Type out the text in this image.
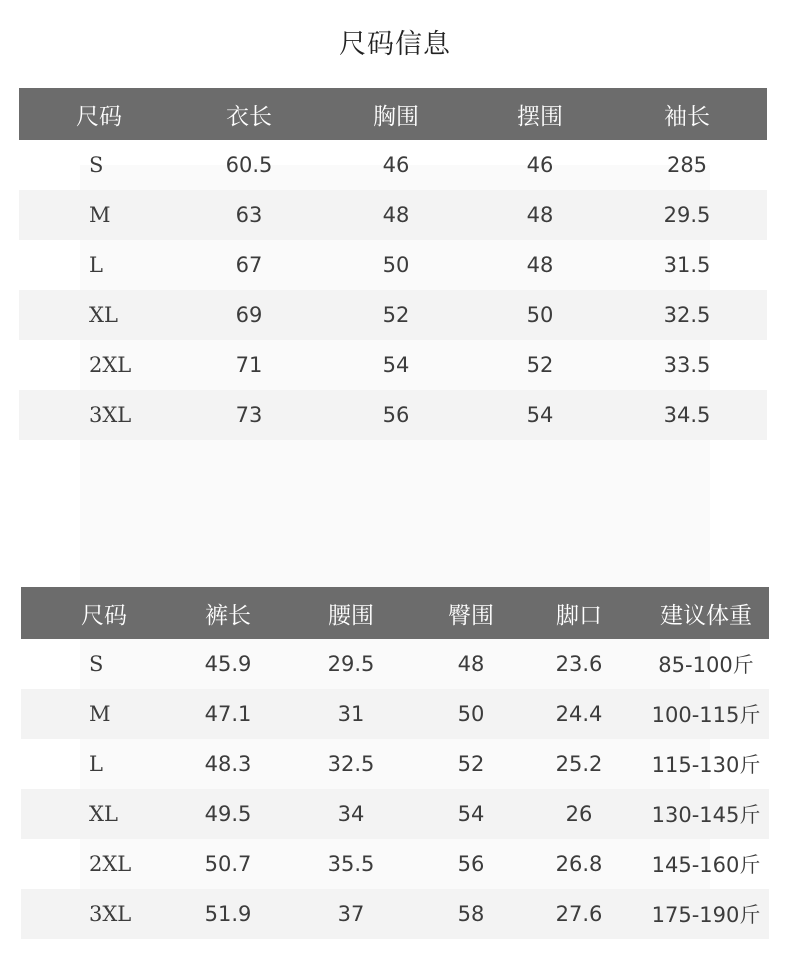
尺码信息
尺码	衣长	胸围	摆围	袖长
S	60.5	46	46	285
M	63	48	48	29.5
L	67	50	48	31.5
XL	69	52	50	32.5
2XL	71	54	52	33.5
3XL	73	56	54	34.5
尺码	裤长	腰围	臀围	脚口	建议体重
S	45.9	29.5	48	23.6	85-100斤
M	47.1	31	50	24.4	100-115斤
L	48.3	32.5	52	25.2	115-130斤
XL	49.5	34	54	26	130-145斤
2XL	50.7	35.5	56	26.8	145-160斤
3XL	51.9	37	58	27.6	175-190斤
